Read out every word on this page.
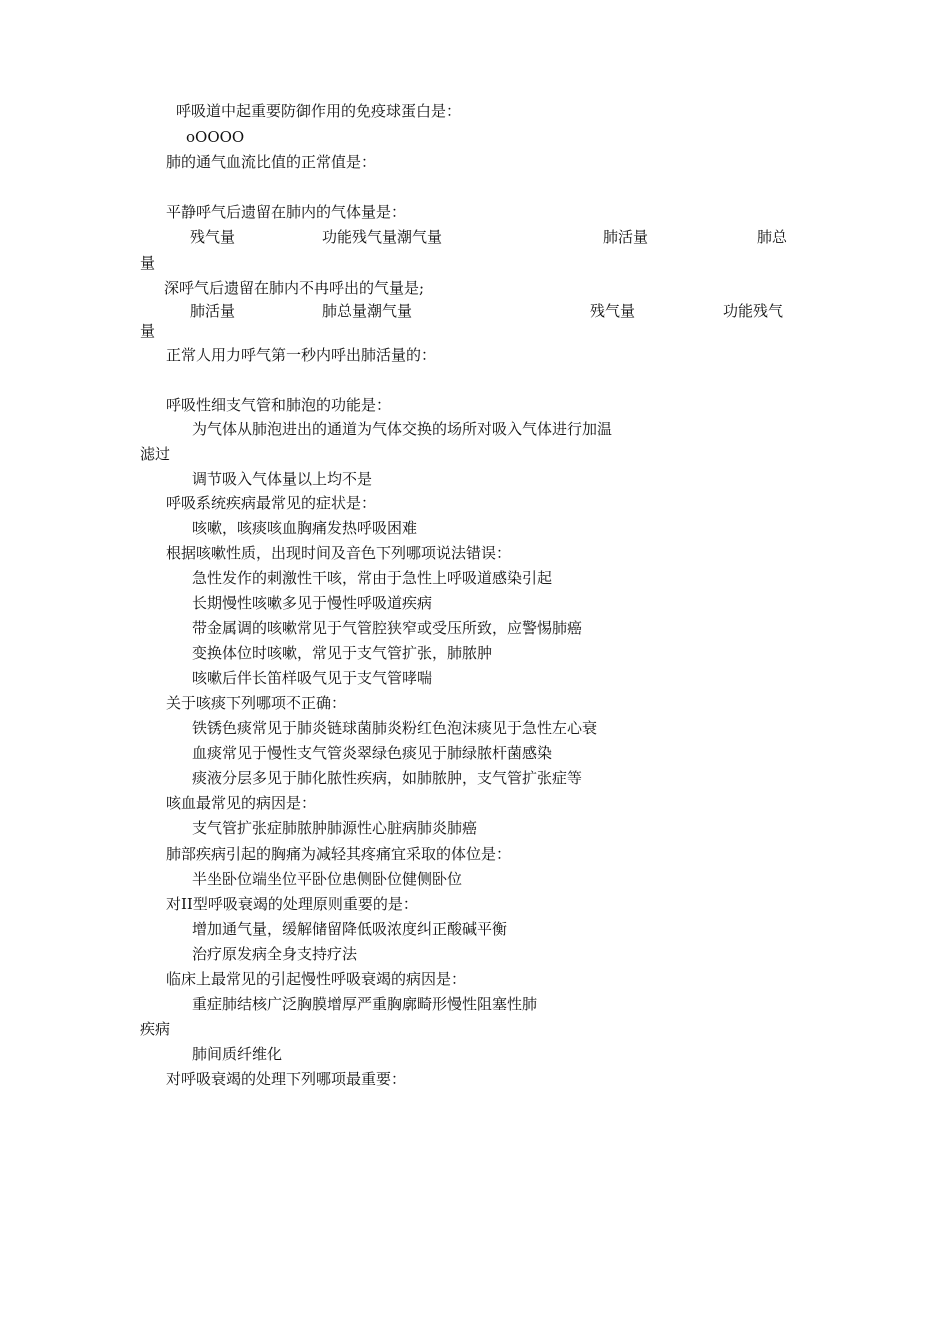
呼吸道中起重要防御作用的免疫球蛋白是：
oOOOO
肺的通气血流比值的正常值是：
平静呼气后遗留在肺内的气体量是：
残气量	功能残气量潮气量	肺活量	肺总
量
深呼气后遗留在肺内不冉呼出的气量是;
肺活量	肺总量潮气量	残气量	功能残气
量
正常人用力呼气第一秒内呼出肺活量的：
呼吸性细支气管和肺泡的功能是：
为气体从肺泡进出的通道为气体交换的场所对吸入气体进行加温
滤过
调节吸入气体量以上均不是
呼吸系统疾病最常见的症状是：
咳嗽，咳痰咳血胸痛发热呼吸困难
根据咳嗽性质，出现时间及音色下列哪项说法错误：
急性发作的刺激性干咳，常由于急性上呼吸道感染引起
长期慢性咳嗽多见于慢性呼吸道疾病
带金属调的咳嗽常见于气管腔狭窄或受压所致，应警惕肺癌
变换体位时咳嗽，常见于支气管扩张，肺脓肿
咳嗽后伴长笛样吸气见于支气管哮喘
关于咳痰下列哪项不正确：
铁锈色痰常见于肺炎链球菌肺炎粉红色泡沫痰见于急性左心衰
血痰常见于慢性支气管炎翠绿色痰见于肺绿脓杆菌感染
痰液分层多见于肺化脓性疾病，如肺脓肿，支气管扩张症等
咳血最常见的病因是：
支气管扩张症肺脓肿肺源性心脏病肺炎肺癌
肺部疾病引起的胸痛为减轻其疼痛宜采取的体位是：
半坐卧位端坐位平卧位患侧卧位健侧卧位
对II型呼吸衰竭的处理原则重要的是：
增加通气量，缓解储留降低吸浓度纠正酸碱平衡
治疗原发病全身支持疗法
临床上最常见的引起慢性呼吸衰竭的病因是：
重症肺结核广泛胸膜增厚严重胸廓畸形慢性阻塞性肺
疾病
肺间质纤维化
对呼吸衰竭的处理下列哪项最重要：
